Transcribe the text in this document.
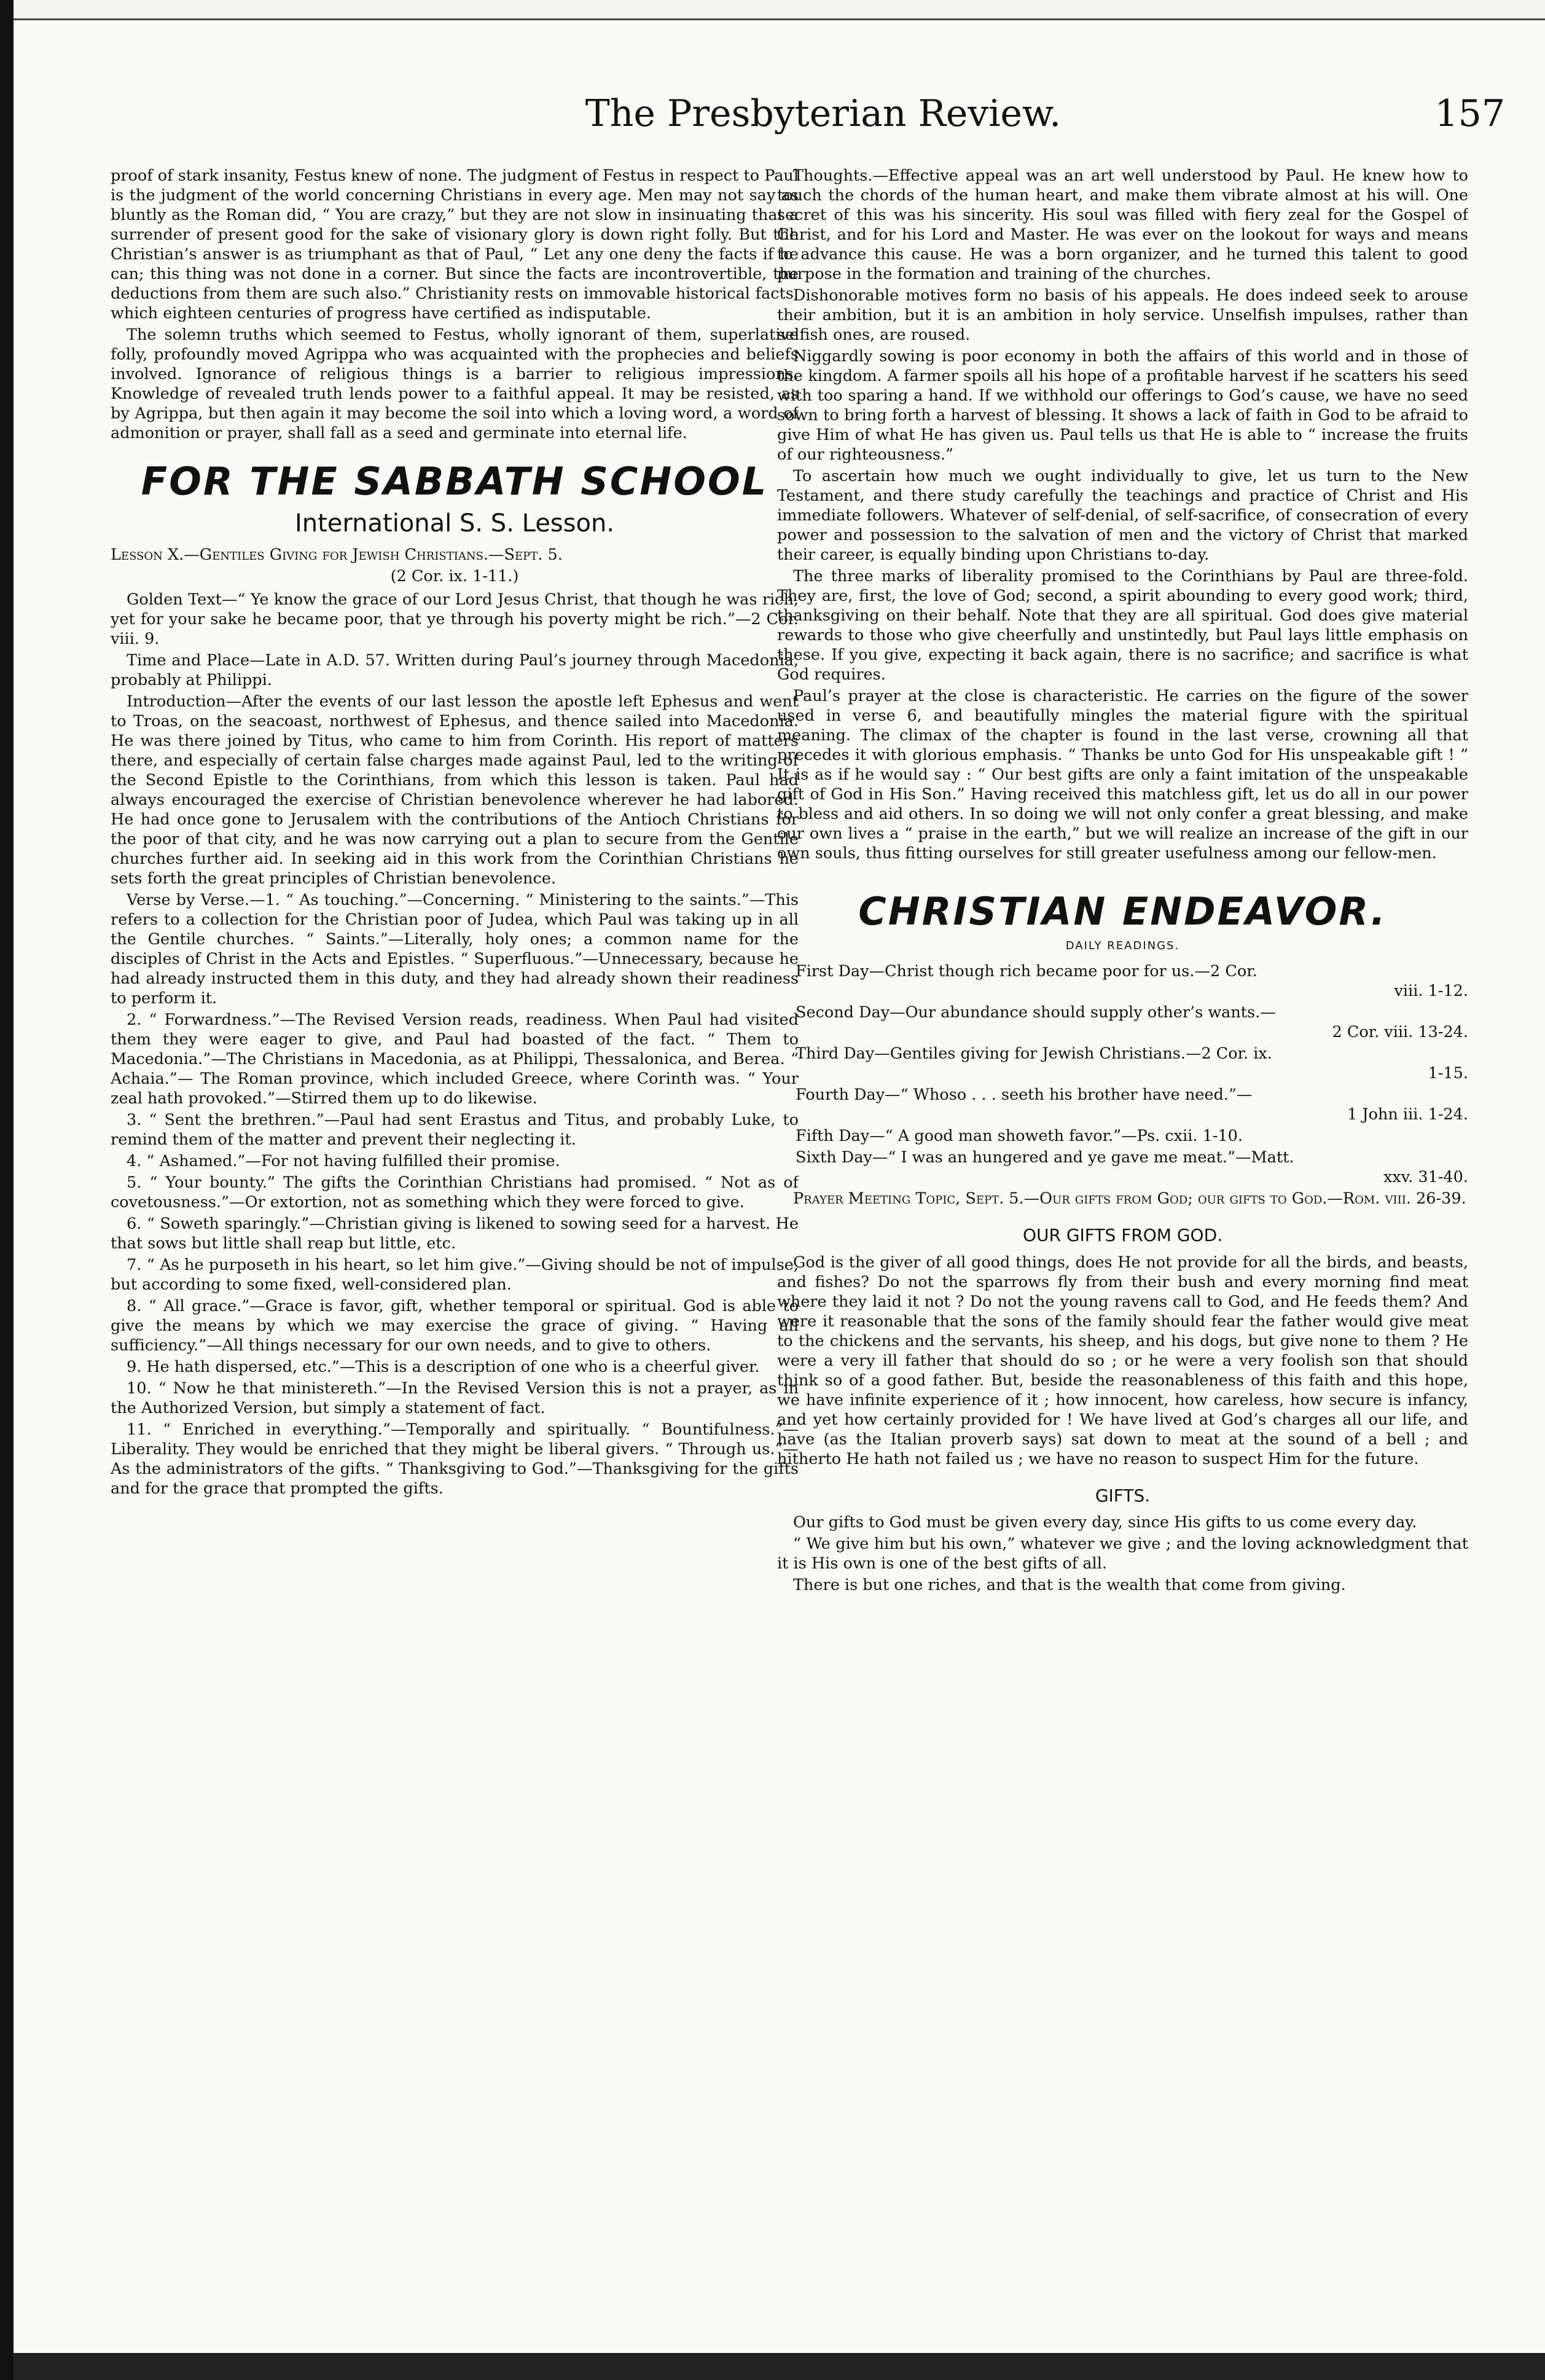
The Presbyterian Review.	157

proof of stark insanity, Festus knew of none. The judgment of Festus in respect to Paul is the judgment of the world concerning Christians in every age. Men may not say as bluntly as the Roman did, “ You are crazy,” but they are not slow in insinuating that a surrender of present good for the sake of visionary glory is down right folly. But the Christian’s answer is as triumphant as that of Paul, “ Let any one deny the facts if he can; this thing was not done in a corner. But since the facts are incontrovertible, the deductions from them are such also.” Christianity rests on immovable historical facts, which eighteen centuries of progress have certified as indisputable.

The solemn truths which seemed to Festus, wholly ignorant of them, superlative folly, profoundly moved Agrippa who was acquainted with the prophecies and beliefs involved. Ignorance of religious things is a barrier to religious impressions. Knowledge of revealed truth lends power to a faithful appeal. It may be resisted, as by Agrippa, but then again it may become the soil into which a loving word, a word of admonition or prayer, shall fall as a seed and germinate into eternal life.

FOR THE SABBATH SCHOOL
International S. S. Lesson.

Lesson X.—Gentiles Giving for Jewish Christians.—Sept. 5.

(2 Cor. ix. 1-11.)

Golden Text—“ Ye know the grace of our Lord Jesus Christ, that though he was rich, yet for your sake he became poor, that ye through his poverty might be rich.”—2 Cor. viii. 9.

Time and Place—Late in A.D. 57. Written during Paul’s journey through Macedonia, probably at Philippi.

Introduction—After the events of our last lesson the apostle left Ephesus and went to Troas, on the seacoast, northwest of Ephesus, and thence sailed into Macedonia. He was there joined by Titus, who came to him from Corinth. His report of matters there, and especially of certain false charges made against Paul, led to the writing of the Second Epistle to the Corinthians, from which this lesson is taken. Paul had always encouraged the exercise of Christian benevolence wherever he had labored. He had once gone to Jerusalem with the contributions of the Antioch Christians for the poor of that city, and he was now carrying out a plan to secure from the Gentile churches further aid. In seeking aid in this work from the Corinthian Christians he sets forth the great principles of Christian benevolence.

Verse by Verse.—1. “ As touching.”—Concerning. “ Ministering to the saints.”—This refers to a collection for the Christian poor of Judea, which Paul was taking up in all the Gentile churches. “ Saints.”—Literally, holy ones; a common name for the disciples of Christ in the Acts and Epistles. “ Superfluous.”—Unnecessary, because he had already instructed them in this duty, and they had already shown their readiness to perform it.

2. “ Forwardness.”—The Revised Version reads, readiness. When Paul had visited them they were eager to give, and Paul had boasted of the fact. “ Them to Macedonia.”—The Christians in Macedonia, as at Philippi, Thessalonica, and Berea. “ Achaia.”— The Roman province, which included Greece, where Corinth was. “ Your zeal hath provoked.”—Stirred them up to do likewise.

3. “ Sent the brethren.”—Paul had sent Erastus and Titus, and probably Luke, to remind them of the matter and prevent their neglecting it.

4. “ Ashamed.”—For not having fulfilled their promise.

5. “ Your bounty.” The gifts the Corinthian Christians had promised. “ Not as of covetousness.”—Or extortion, not as something which they were forced to give.

6. “ Soweth sparingly.”—Christian giving is likened to sowing seed for a harvest. He that sows but little shall reap but little, etc.

7. “ As he purposeth in his heart, so let him give.”—Giving should be not of impulse, but according to some fixed, well-considered plan.

8. “ All grace.”—Grace is favor, gift, whether temporal or spiritual. God is able to give the means by which we may exercise the grace of giving. “ Having all sufficiency.”—All things necessary for our own needs, and to give to others.

9. He hath dispersed, etc.”—This is a description of one who is a cheerful giver.

10. “ Now he that ministereth.”—In the Revised Version this is not a prayer, as in the Authorized Version, but simply a statement of fact.

11. “ Enriched in everything.”—Temporally and spiritually. “ Bountifulness.”—Liberality. They would be enriched that they might be liberal givers. “ Through us.”—As the administrators of the gifts. “ Thanksgiving to God.”—Thanksgiving for the gifts and for the grace that prompted the gifts.

Thoughts.—Effective appeal was an art well understood by Paul. He knew how to touch the chords of the human heart, and make them vibrate almost at his will. One secret of this was his sincerity. His soul was filled with fiery zeal for the Gospel of Christ, and for his Lord and Master. He was ever on the lookout for ways and means to advance this cause. He was a born organizer, and he turned this talent to good purpose in the formation and training of the churches.

Dishonorable motives form no basis of his appeals. He does indeed seek to arouse their ambition, but it is an ambition in holy service. Unselfish impulses, rather than selfish ones, are roused.

Niggardly sowing is poor economy in both the affairs of this world and in those of the kingdom. A farmer spoils all his hope of a profitable harvest if he scatters his seed with too sparing a hand. If we withhold our offerings to God’s cause, we have no seed sown to bring forth a harvest of blessing. It shows a lack of faith in God to be afraid to give Him of what He has given us. Paul tells us that He is able to “ increase the fruits of our righteousness.”

To ascertain how much we ought individually to give, let us turn to the New Testament, and there study carefully the teachings and practice of Christ and His immediate followers. Whatever of self-denial, of self-sacrifice, of consecration of every power and possession to the salvation of men and the victory of Christ that marked their career, is equally binding upon Christians to-day.

The three marks of liberality promised to the Corinthians by Paul are three-fold. They are, first, the love of God; second, a spirit abounding to every good work; third, thanksgiving on their behalf. Note that they are all spiritual. God does give material rewards to those who give cheerfully and unstintedly, but Paul lays little emphasis on these. If you give, expecting it back again, there is no sacrifice; and sacrifice is what God requires.

Paul’s prayer at the close is characteristic. He carries on the figure of the sower used in verse 6, and beautifully mingles the material figure with the spiritual meaning. The climax of the chapter is found in the last verse, crowning all that precedes it with glorious emphasis. “ Thanks be unto God for His unspeakable gift ! ” It is as if he would say : “ Our best gifts are only a faint imitation of the unspeakable gift of God in His Son.” Having received this matchless gift, let us do all in our power to bless and aid others. In so doing we will not only confer a great blessing, and make our own lives a “ praise in the earth,” but we will realize an increase of the gift in our own souls, thus fitting ourselves for still greater usefulness among our fellow-men.

CHRISTIAN ENDEAVOR.
DAILY READINGS.

First Day—Christ though rich became poor for us.—2 Cor.
viii. 1-12.

Second Day—Our abundance should supply other’s wants.—
2 Cor. viii. 13-24.

Third Day—Gentiles giving for Jewish Christians.—2 Cor. ix.
1-15.

Fourth Day—“ Whoso . . . seeth his brother have need.”—
1 John iii. 1-24.

Fifth Day—“ A good man showeth favor.”—Ps. cxii. 1-10.

Sixth Day—“ I was an hungered and ye gave me meat.”—Matt.
xxv. 31-40.

Prayer Meeting Topic, Sept. 5.—Our gifts from God; our gifts to God.—Rom. viii. 26-39.

OUR GIFTS FROM GOD.

God is the giver of all good things, does He not provide for all the birds, and beasts, and fishes? Do not the sparrows fly from their bush and every morning find meat where they laid it not ? Do not the young ravens call to God, and He feeds them? And were it reasonable that the sons of the family should fear the father would give meat to the chickens and the servants, his sheep, and his dogs, but give none to them ? He were a very ill father that should do so ; or he were a very foolish son that should think so of a good father. But, beside the reasonableness of this faith and this hope, we have infinite experience of it ; how innocent, how careless, how secure is infancy, and yet how certainly provided for ! We have lived at God’s charges all our life, and have (as the Italian proverb says) sat down to meat at the sound of a bell ; and hitherto He hath not failed us ; we have no reason to suspect Him for the future.

GIFTS.

Our gifts to God must be given every day, since His gifts to us come every day.

“ We give him but his own,” whatever we give ; and the loving acknowledgment that it is His own is one of the best gifts of all.

There is but one riches, and that is the wealth that come from giving.
